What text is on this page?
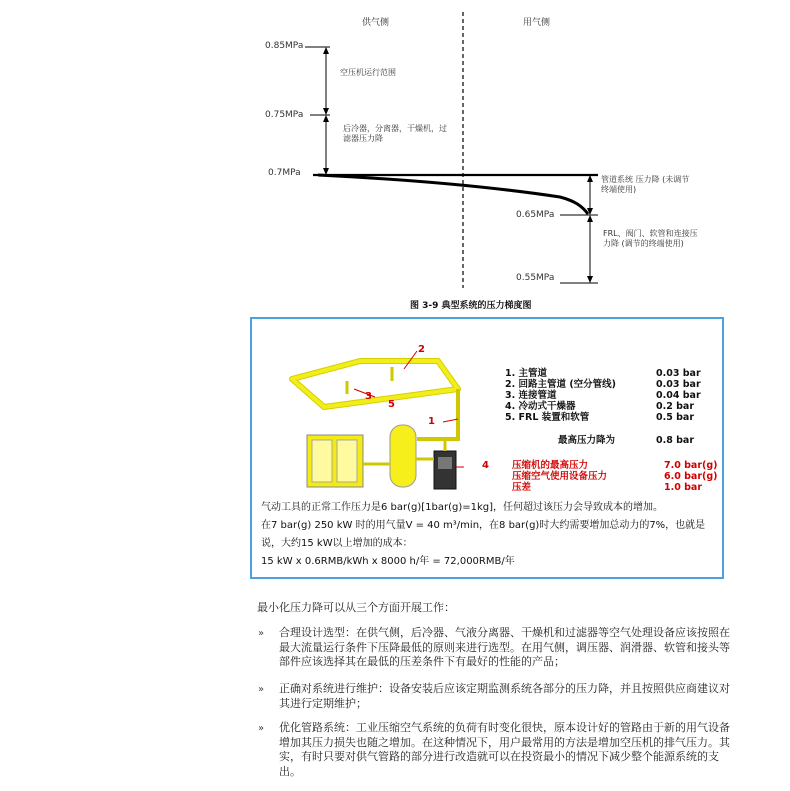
供气侧	用气侧
0.85MPa
0.75MPa
0.7MPa
0.65MPa
0.55MPa
空压机运行范围
后冷器，分离器，干燥机，过滤器压力降
管道系统 压力降 (未调节终端使用)
FRL、阀门、软管和连接压力降 (调节的终端使用)
图 3-9 典型系统的压力梯度图
1
2
3
4
5
1. 主管道	0.03 bar
2. 回路主管道 (空分管线)	0.03 bar
3. 连接管道	0.04 bar
4. 冷动式干燥器	0.2 bar
5. FRL 装置和软管	0.5 bar
最高压力降为	0.8 bar
压缩机的最高压力	7.0 bar(g)
压缩空气使用设备压力	6.0 bar(g)
压差	1.0 bar
气动工具的正常工作压力是6 bar(g)[1bar(g)=1kg]，任何超过该压力会导致成本的增加。
在7 bar(g) 250 kW 时的用气量V = 40 m³/min，在8 bar(g)时大约需要增加总动力的7%，也就是
说，大约15 kW以上增加的成本：
15 kW x 0.6RMB/kWh x 8000 h/年 = 72,000RMB/年
最小化压力降可以从三个方面开展工作：
» 合理设计选型：在供气侧，后冷器、气液分离器、干燥机和过滤器等空气处理设备应该按照在最大流量运行条件下压降最低的原则来进行选型。在用气侧，调压器、润滑器、软管和接头等部件应该选择其在最低的压差条件下有最好的性能的产品；
» 正确对系统进行维护：设备安装后应该定期监测系统各部分的压力降，并且按照供应商建议对其进行定期维护；
» 优化管路系统：工业压缩空气系统的负荷有时变化很快，原本设计好的管路由于新的用气设备增加其压力损失也随之增加。在这种情况下，用户最常用的方法是增加空压机的排气压力。其实，有时只要对供气管路的部分进行改造就可以在投资最小的情况下减少整个能源系统的支出。
